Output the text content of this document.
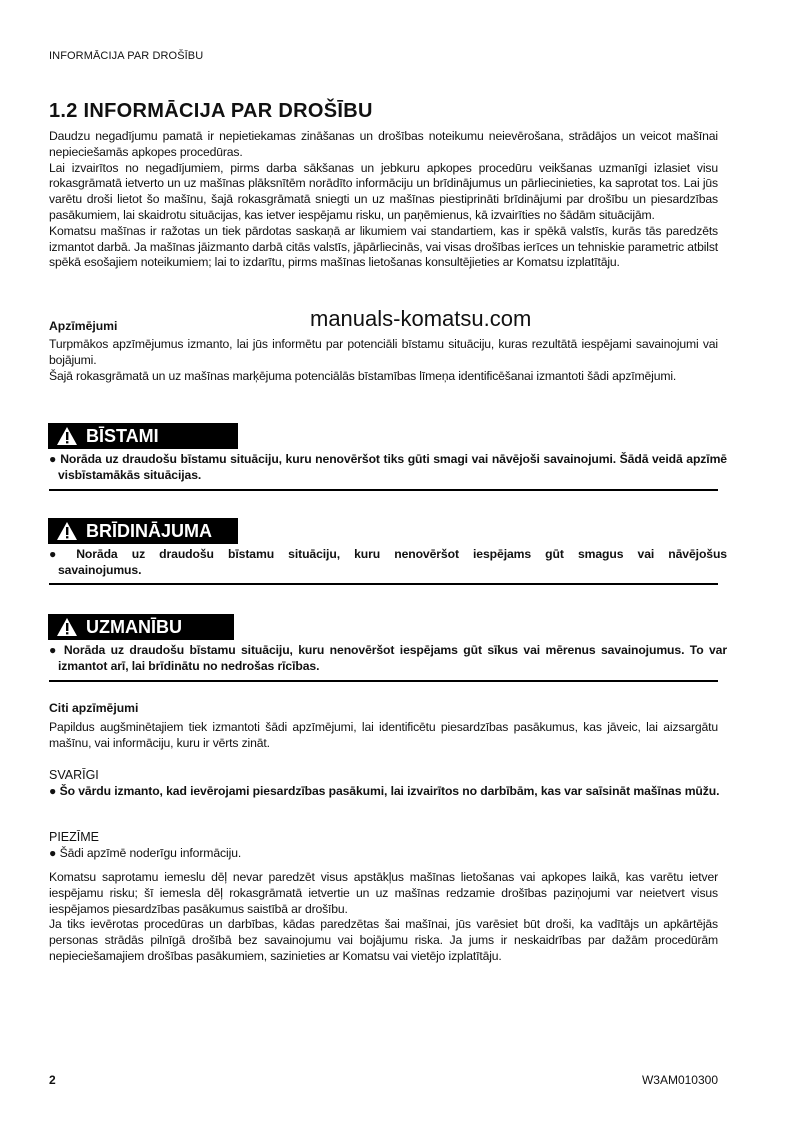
INFORMĀCIJA PAR DROŠĪBU
1.2 INFORMĀCIJA PAR DROŠĪBU

Daudzu negadījumu pamatā ir nepietiekamas zināšanas un drošības noteikumu neievērošana, strādājos un veicot mašīnai nepieciešamās apkopes procedūras.

Lai izvairītos no negadījumiem, pirms darba sākšanas un jebkuru apkopes procedūru veikšanas uzmanīgi izlasiet visu rokasgrāmatā ietverto un uz mašīnas plāksnītēm norādīto informāciju un brīdinājumus un pārliecinieties, ka saprotat tos. Lai jūs varētu droši lietot šo mašīnu, šajā rokasgrāmatā sniegti un uz mašīnas piestiprināti brīdinājumi par drošību un piesardzības pasākumiem, lai skaidrotu situācijas, kas ietver iespējamu risku, un paņēmienus, kā izvairīties no šādām situācijām.

Komatsu mašīnas ir ražotas un tiek pārdotas saskaņā ar likumiem vai standartiem, kas ir spēkā valstīs, kurās tās paredzēts izmantot darbā. Ja mašīnas jāizmanto darbā citās valstīs, jāpārliecinās, vai visas drošības ierīces un tehniskie parametric atbilst spēkā esošajiem noteikumiem; lai to izdarītu, pirms mašīnas lietošanas konsultējieties ar Komatsu izplatītāju.

manuals-komatsu.com
Apzīmējumi

Turpmākos apzīmējumus izmanto, lai jūs informētu par potenciāli bīstamu situāciju, kuras rezultātā iespējami savainojumi vai bojājumi.

Šajā rokasgrāmatā un uz mašīnas marķējuma potenciālās bīstamības līmeņa identificēšanai izmantoti šādi apzīmējumi.

BĪSTAMI
● Norāda uz draudošu bīstamu situāciju, kuru nenovēršot tiks gūti smagi vai nāvējoši savainojumi. Šādā veidā apzīmē visbīstamākās situācijas.
BRĪDINĀJUMA
● Norāda uz draudošu bīstamu situāciju, kuru nenovēršot iespējams gūt smagus vai nāvējošus savainojumus.
UZMANĪBU
● Norāda uz draudošu bīstamu situāciju, kuru nenovēršot iespējams gūt sīkus vai mērenus savainojumus. To var izmantot arī, lai brīdinātu no nedrošas rīcības.
Citi apzīmējumi
Papildus augšminētajiem tiek izmantoti šādi apzīmējumi, lai identificētu piesardzības pasākumus, kas jāveic, lai aizsargātu mašīnu, vai informāciju, kuru ir vērts zināt.
SVARĪGI
● Šo vārdu izmanto, kad ievērojami piesardzības pasākumi, lai izvairītos no darbībām, kas var saīsināt mašīnas mūžu.
PIEZĪME
● Šādi apzīmē noderīgu informāciju.

Komatsu saprotamu iemeslu dēļ nevar paredzēt visus apstākļus mašīnas lietošanas vai apkopes laikā, kas varētu ietver iespējamu risku; šī iemesla dēļ rokasgrāmatā ietvertie un uz mašīnas redzamie drošības paziņojumi var neietvert visus iespējamos piesardzības pasākumus saistībā ar drošību.

Ja tiks ievērotas procedūras un darbības, kādas paredzētas šai mašīnai, jūs varēsiet būt droši, ka vadītājs un apkārtējās personas strādās pilnīgā drošībā bez savainojumu vai bojājumu riska. Ja jums ir neskaidrības par dažām procedūrām nepieciešamajiem drošības pasākumiem, sazinieties ar Komatsu vai vietējo izplatītāju.

2	W3AM010300
